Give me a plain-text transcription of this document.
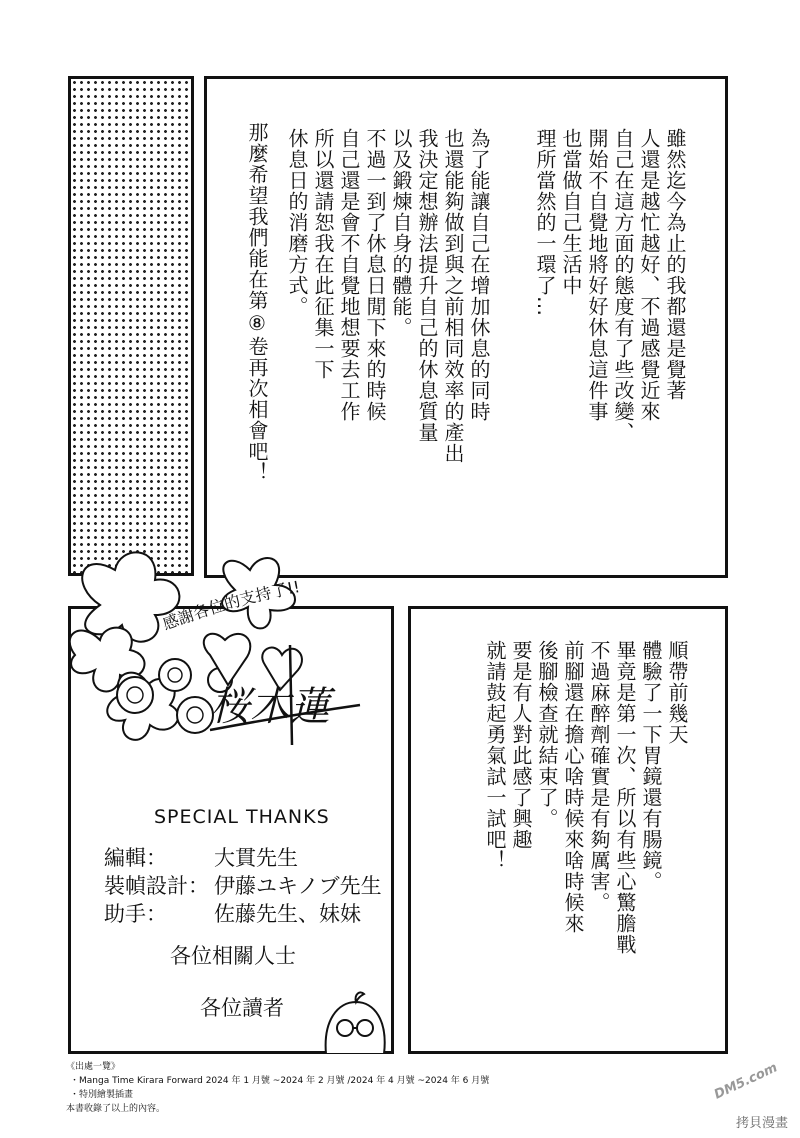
雖然迄今為止的我都還是覺著
人還是越忙越好、不過感覺近來
自己在這方面的態度有了些改變、
開始不自覺地將好好休息這件事
也當做自己生活中
理所當然的一環了…
為了能讓自己在增加休息的同時
也還能夠做到與之前相同效率的產出
我決定想辦法提升自己的休息質量
以及鍛煉自身的體能。
不過一到了休息日閒下來的時候
自己還是會不自覺地想要去工作
所以還請恕我在此征集一下
休息日的消磨方式。
那麼希望我們能在第⑧卷再次相會吧！
順帶前幾天
體驗了一下胃鏡還有腸鏡。
畢竟是第一次、所以有些心驚膽戰
不過麻醉劑確實是有夠厲害。
前腳還在擔心啥時候來啥時候來
後腳檢查就結束了。
要是有人對此感了興趣
就請鼓起勇氣試一試吧！
感謝各位的支持了!!
桜木蓮
SPECIAL THANKS
編輯： 大貫先生
裝幀設計： 伊藤ユキノブ先生
助手： 佐藤先生、妹妹
各位相關人士
各位讀者
《出處一覽》
・Manga Time Kirara Forward 2024 年 1 月號 ~2024 年 2 月號 /2024 年 4 月號 ~2024 年 6 月號
・特別繪製插畫
本書收錄了以上的內容。
DM5.com
拷貝漫畫
